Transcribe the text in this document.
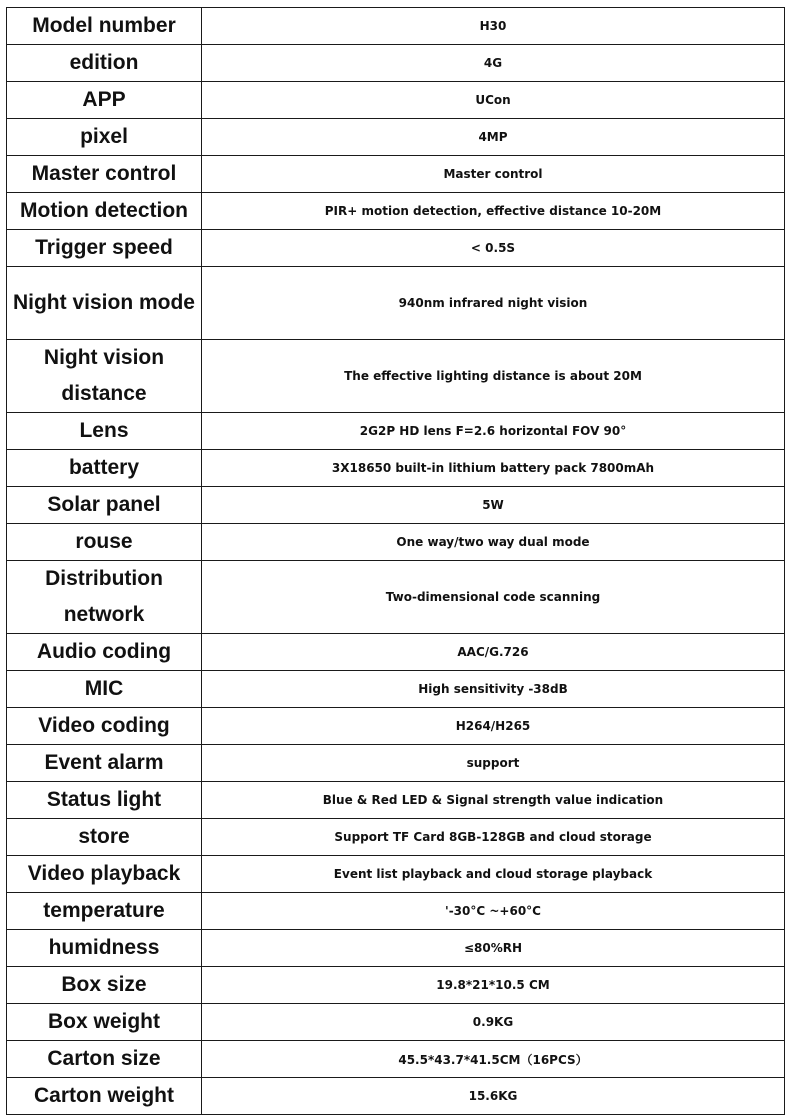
Model number	H30
edition	4G
APP	UCon
pixel	4MP
Master control	Master control
Motion detection	PIR+ motion detection, effective distance 10-20M
Trigger speed	< 0.5S
Night vision mode	940nm infrared night vision
Night vision distance	The effective lighting distance is about 20M
Lens	2G2P HD lens F=2.6 horizontal FOV 90°
battery	3X18650 built-in lithium battery pack 7800mAh
Solar panel	5W
rouse	One way/two way dual mode
Distribution network	Two-dimensional code scanning
Audio coding	AAC/G.726
MIC	High sensitivity -38dB
Video coding	H264/H265
Event alarm	support
Status light	Blue & Red LED & Signal strength value indication
store	Support TF Card 8GB-128GB and cloud storage
Video playback	Event list playback and cloud storage playback
temperature	'-30°C ~+60°C
humidness	≤80%RH
Box size	19.8*21*10.5 CM
Box weight	0.9KG
Carton size	45.5*43.7*41.5CM（16PCS）
Carton weight	15.6KG
